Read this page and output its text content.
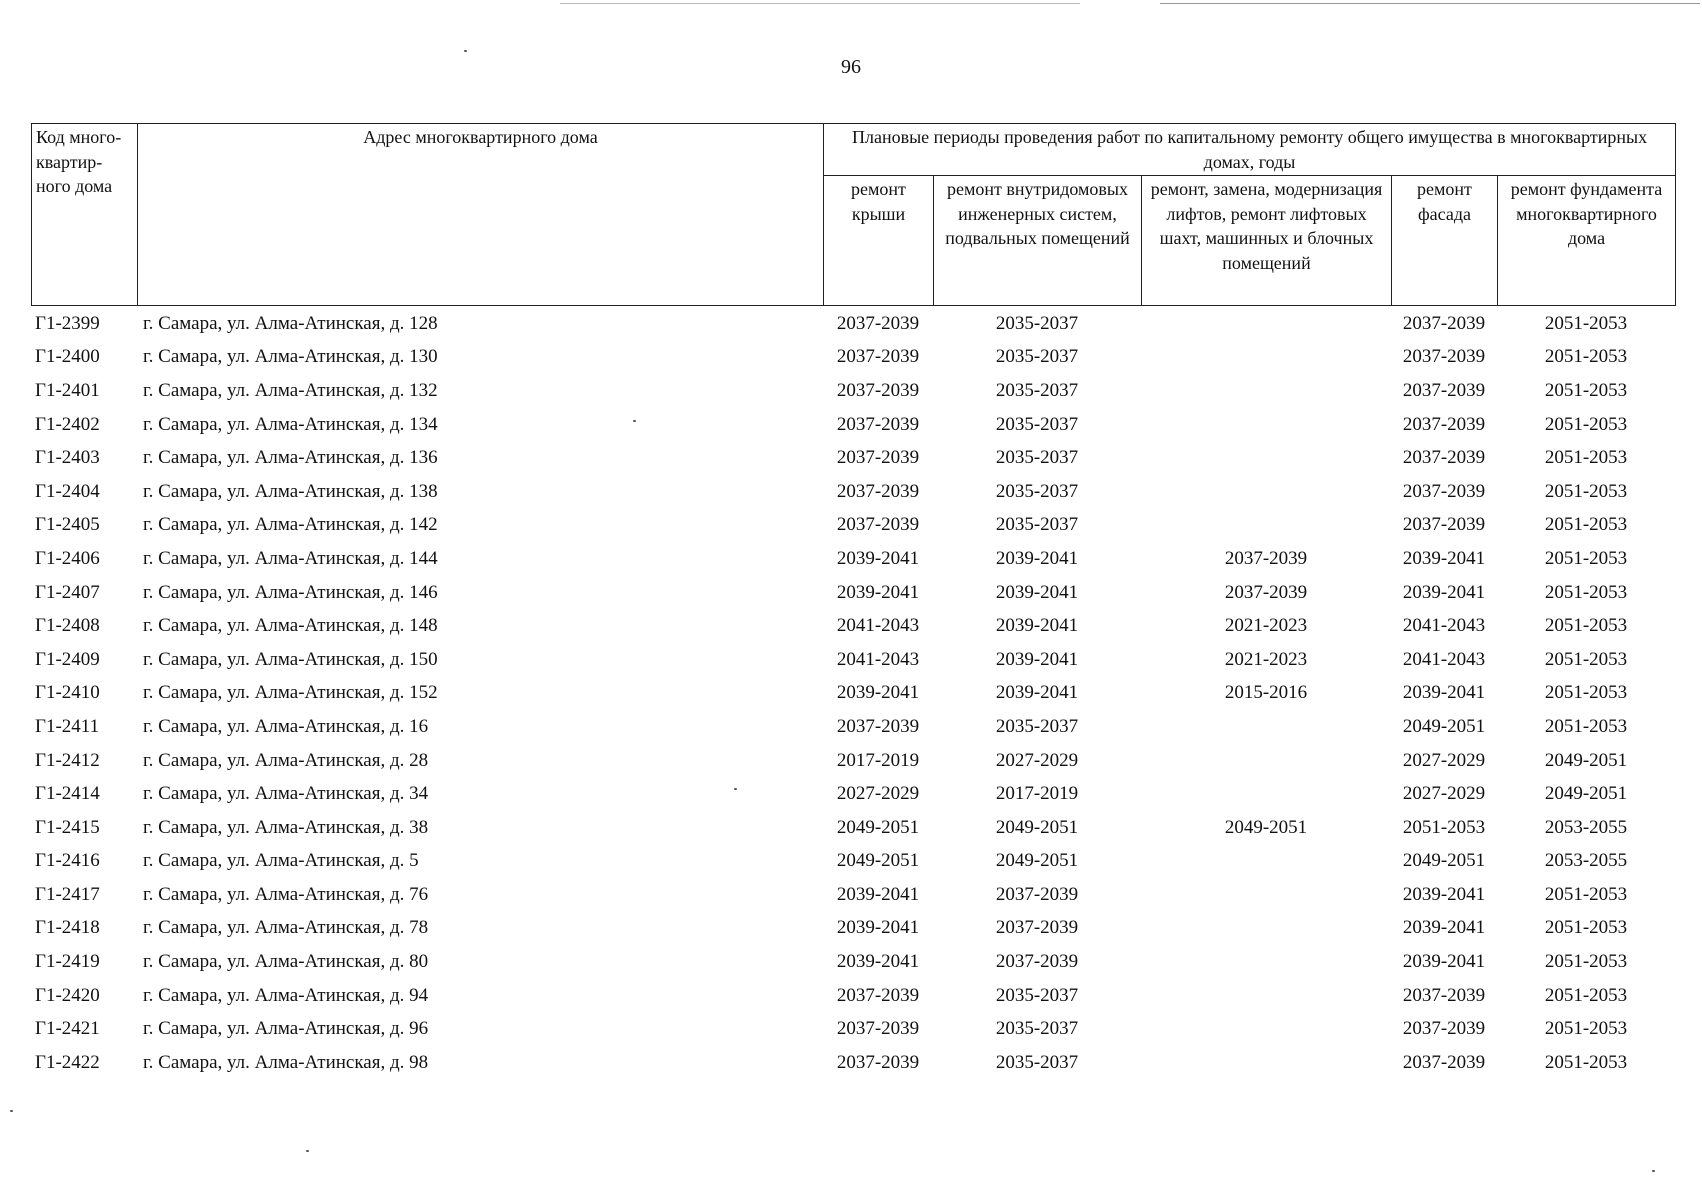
96
Код много-квартир-ного дома	Адрес многоквартирного дома	Плановые периоды проведения работ по капитальному ремонту общего имущества в многоквартирных домах, годы				
		ремонт крыши	ремонт внутридомовых инженерных систем, подвальных помещений	ремонт, замена, модернизация лифтов, ремонт лифтовых шахт, машинных и блочных помещений	ремонт фасада	ремонт фундамента многоквартирного дома
Г1-2399	г. Самара, ул. Алма-Атинская, д. 128	2037-2039	2035-2037		2037-2039	2051-2053
Г1-2400	г. Самара, ул. Алма-Атинская, д. 130	2037-2039	2035-2037		2037-2039	2051-2053
Г1-2401	г. Самара, ул. Алма-Атинская, д. 132	2037-2039	2035-2037		2037-2039	2051-2053
Г1-2402	г. Самара, ул. Алма-Атинская, д. 134	2037-2039	2035-2037		2037-2039	2051-2053
Г1-2403	г. Самара, ул. Алма-Атинская, д. 136	2037-2039	2035-2037		2037-2039	2051-2053
Г1-2404	г. Самара, ул. Алма-Атинская, д. 138	2037-2039	2035-2037		2037-2039	2051-2053
Г1-2405	г. Самара, ул. Алма-Атинская, д. 142	2037-2039	2035-2037		2037-2039	2051-2053
Г1-2406	г. Самара, ул. Алма-Атинская, д. 144	2039-2041	2039-2041	2037-2039	2039-2041	2051-2053
Г1-2407	г. Самара, ул. Алма-Атинская, д. 146	2039-2041	2039-2041	2037-2039	2039-2041	2051-2053
Г1-2408	г. Самара, ул. Алма-Атинская, д. 148	2041-2043	2039-2041	2021-2023	2041-2043	2051-2053
Г1-2409	г. Самара, ул. Алма-Атинская, д. 150	2041-2043	2039-2041	2021-2023	2041-2043	2051-2053
Г1-2410	г. Самара, ул. Алма-Атинская, д. 152	2039-2041	2039-2041	2015-2016	2039-2041	2051-2053
Г1-2411	г. Самара, ул. Алма-Атинская, д. 16	2037-2039	2035-2037		2049-2051	2051-2053
Г1-2412	г. Самара, ул. Алма-Атинская, д. 28	2017-2019	2027-2029		2027-2029	2049-2051
Г1-2414	г. Самара, ул. Алма-Атинская, д. 34	2027-2029	2017-2019		2027-2029	2049-2051
Г1-2415	г. Самара, ул. Алма-Атинская, д. 38	2049-2051	2049-2051	2049-2051	2051-2053	2053-2055
Г1-2416	г. Самара, ул. Алма-Атинская, д. 5	2049-2051	2049-2051		2049-2051	2053-2055
Г1-2417	г. Самара, ул. Алма-Атинская, д. 76	2039-2041	2037-2039		2039-2041	2051-2053
Г1-2418	г. Самара, ул. Алма-Атинская, д. 78	2039-2041	2037-2039		2039-2041	2051-2053
Г1-2419	г. Самара, ул. Алма-Атинская, д. 80	2039-2041	2037-2039		2039-2041	2051-2053
Г1-2420	г. Самара, ул. Алма-Атинская, д. 94	2037-2039	2035-2037		2037-2039	2051-2053
Г1-2421	г. Самара, ул. Алма-Атинская, д. 96	2037-2039	2035-2037		2037-2039	2051-2053
Г1-2422	г. Самара, ул. Алма-Атинская, д. 98	2037-2039	2035-2037		2037-2039	2051-2053
